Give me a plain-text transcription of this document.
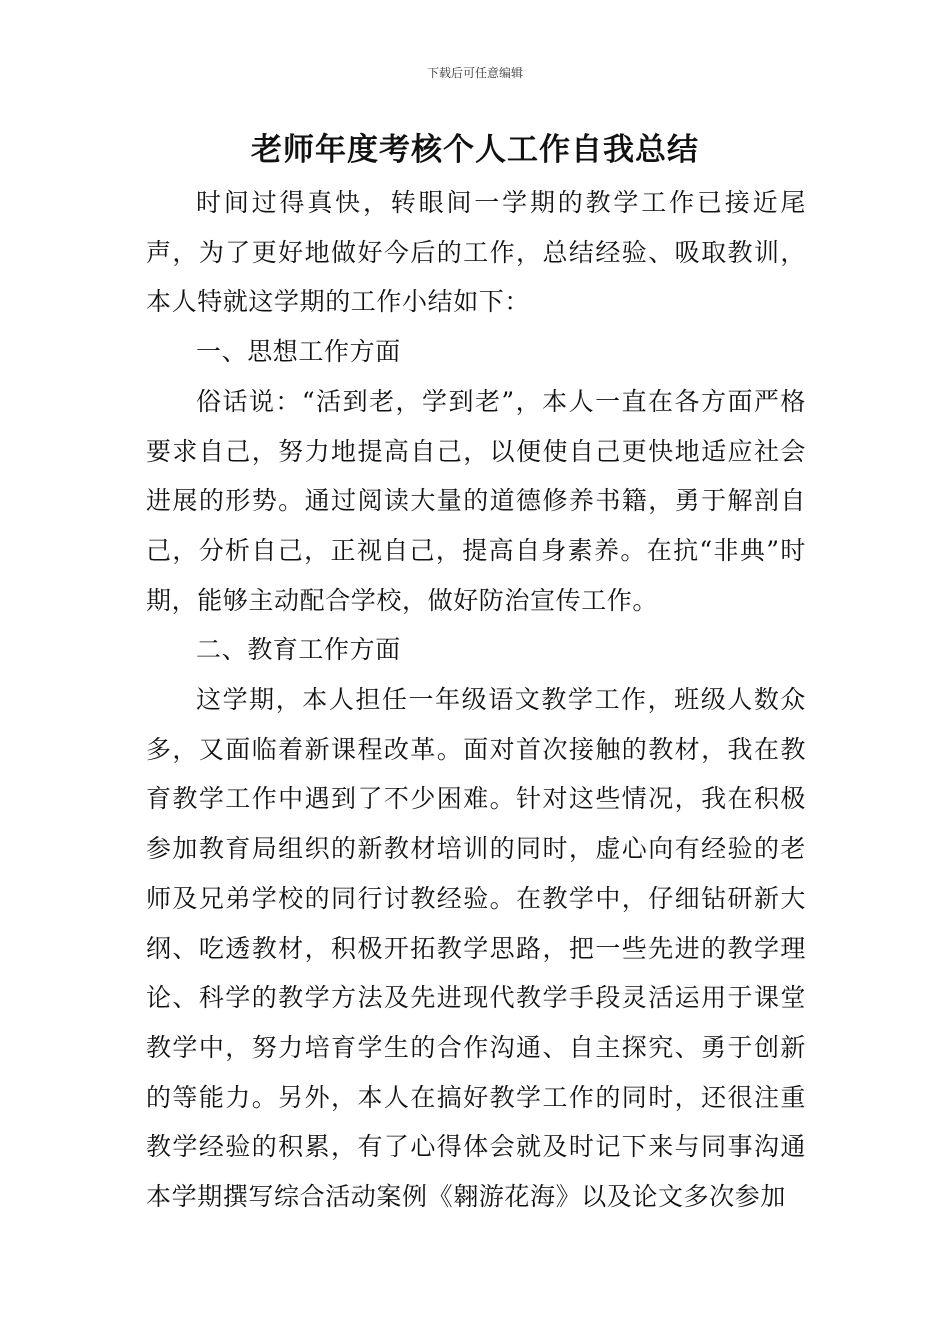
下载后可任意编辑
老师年度考核个人工作自我总结

时间过得真快，转眼间一学期的教学工作已接近尾声，为了更好地做好今后的工作，总结经验、吸取教训，本人特就这学期的工作小结如下：

一、思想工作方面

俗话说：“活到老，学到老”，本人一直在各方面严格要求自己，努力地提高自己，以便使自己更快地适应社会进展的形势。通过阅读大量的道德修养书籍，勇于解剖自己，分析自己，正视自己，提高自身素养。在抗“非典”时期，能够主动配合学校，做好防治宣传工作。

二、教育工作方面

这学期，本人担任一年级语文教学工作，班级人数众多，又面临着新课程改革。面对首次接触的教材，我在教育教学工作中遇到了不少困难。针对这些情况，我在积极参加教育局组织的新教材培训的同时，虚心向有经验的老师及兄弟学校的同行讨教经验。在教学中，仔细钻研新大纲、吃透教材，积极开拓教学思路，把一些先进的教学理论、科学的教学方法及先进现代教学手段灵活运用于课堂教学中，努力培育学生的合作沟通、自主探究、勇于创新的等能力。另外，本人在搞好教学工作的同时，还很注重教学经验的积累，有了心得体会就及时记下来与同事沟通本学期撰写综合活动案例《翱游花海》以及论文多次参加
